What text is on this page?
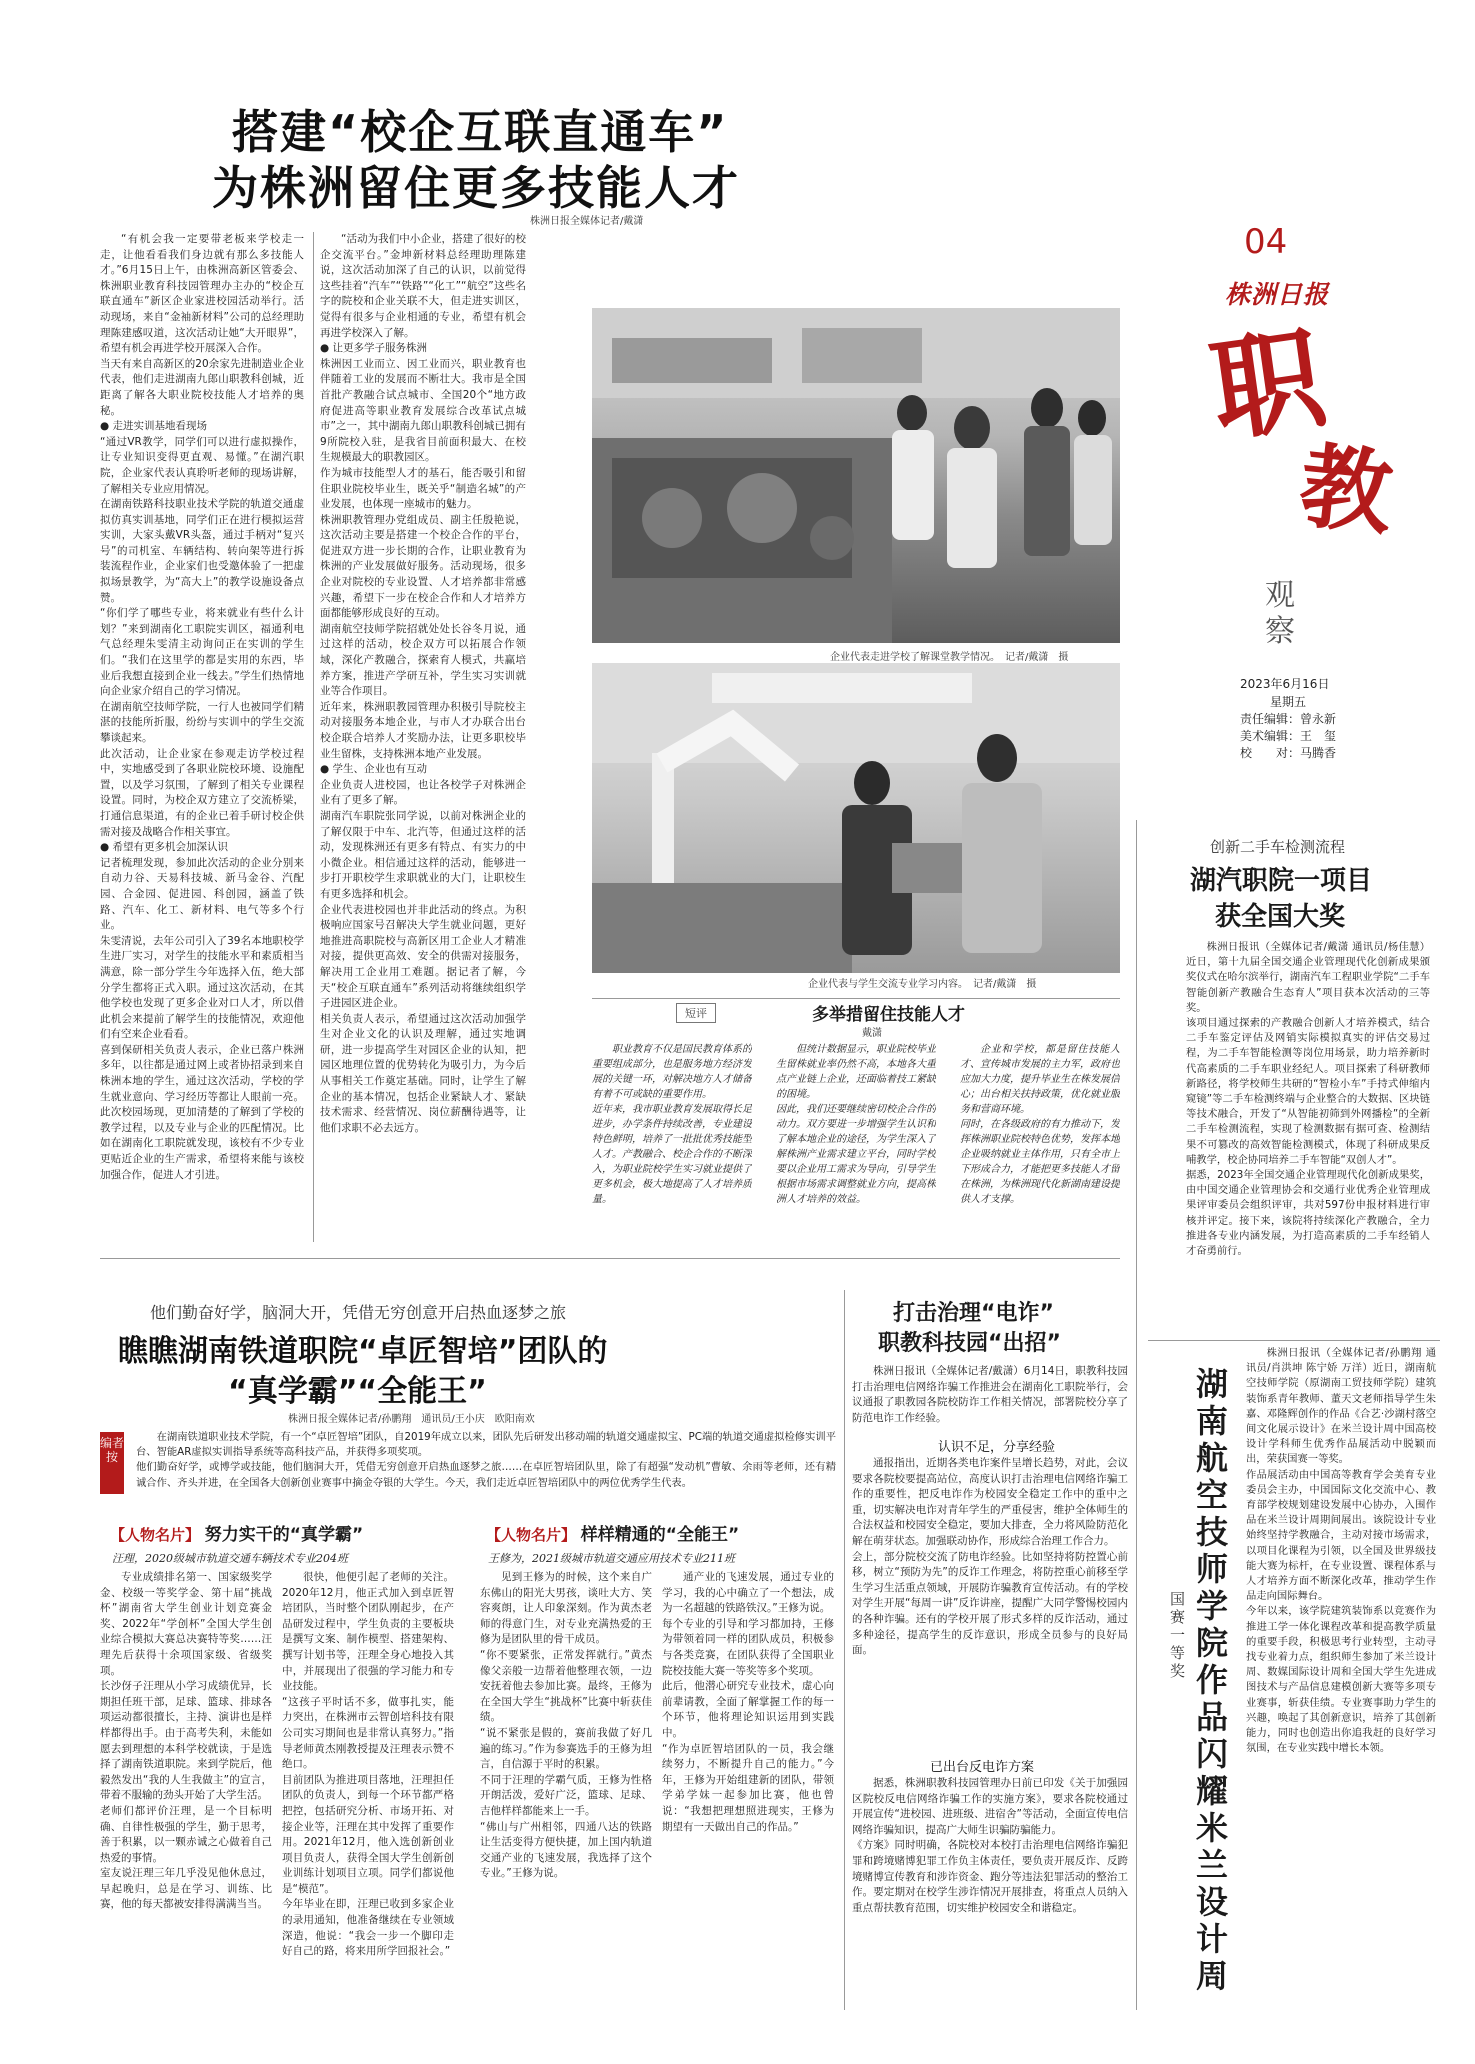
搭建“校企互联直通车”
为株洲留住更多技能人才
株洲日报全媒体记者/戴潇
04
株洲日报
职
教
观察
2023年6月16日
星期五
责任编辑：曾永新
美术编辑：王　玺
校　　对：马腾香
“有机会我一定要带老板来学校走一走，让他看看我们身边就有那么多技能人才。”6月15日上午，由株洲高新区管委会、株洲职业教育科技园管理办主办的“校企互联直通车”新区企业家进校园活动举行。活动现场，来自“金袖新材料”公司的总经理助理陈建感叹道，这次活动让她“大开眼界”，希望有机会再进学校开展深入合作。
当天有来自高新区的20余家先进制造业企业代表，他们走进湖南九郎山职教科创城，近距离了解各大职业院校技能人才培养的奥秘。
● 走进实训基地看现场
“通过VR教学，同学们可以进行虚拟操作，让专业知识变得更直观、易懂。”在湖汽职院，企业家代表认真聆听老师的现场讲解，了解相关专业应用情况。
在湖南铁路科技职业技术学院的轨道交通虚拟仿真实训基地，同学们正在进行模拟运营实训，大家头戴VR头盔，通过手柄对“复兴号”的司机室、车辆结构、转向架等进行拆装流程作业，企业家们也受邀体验了一把虚拟场景教学，为“高大上”的教学设施设备点赞。
“你们学了哪些专业，将来就业有些什么计划？”来到湖南化工职院实训区，福通利电气总经理朱雯清主动询问正在实训的学生们。“我们在这里学的都是实用的东西，毕业后我想直接到企业一线去。”学生们热情地向企业家介绍自己的学习情况。
在湖南航空技师学院，一行人也被同学们精湛的技能所折服，纷纷与实训中的学生交流攀谈起来。
此次活动，让企业家在参观走访学校过程中，实地感受到了各职业院校环境、设施配置，以及学习氛围，了解到了相关专业课程设置。同时，为校企双方建立了交流桥梁，打通信息渠道，有的企业已着手研讨校企供需对接及战略合作相关事宜。
● 希望有更多机会加深认识
记者梳理发现，参加此次活动的企业分别来自动力谷、天易科技城、新马金谷、汽配园、合金园、促进园、科创园，涵盖了铁路、汽车、化工、新材料、电气等多个行业。
朱雯清说，去年公司引入了39名本地职校学生进厂实习，对学生的技能水平和素质相当满意，除一部分学生今年选择入伍，绝大部分学生都将正式入职。通过这次活动，在其他学校也发现了更多企业对口人才，所以借此机会来提前了解学生的技能情况，欢迎他们有空来企业看看。
喜到保研相关负责人表示，企业已落户株洲多年，以往都是通过网上或者协招录到来自株洲本地的学生，通过这次活动，学校的学生就业意向、学习经历等都让人眼前一亮。此次校园场现，更加清楚的了解到了学校的教学过程，以及专业与企业的匹配情况。比如在湖南化工职院就发现，该校有不少专业更贴近企业的生产需求，希望将来能与该校加强合作，促进人才引进。
“活动为我们中小企业，搭建了很好的校企交流平台。”金坤新材料总经理助理陈建说，这次活动加深了自己的认识，以前觉得这些挂着“汽车”“铁路”“化工”“航空”这些名字的院校和企业关联不大，但走进实训区，觉得有很多与企业相通的专业，希望有机会再进学校深入了解。
● 让更多学子服务株洲
株洲因工业而立、因工业而兴，职业教育也伴随着工业的发展而不断壮大。我市是全国首批产教融合试点城市、全国20个“地方政府促进高等职业教育发展综合改革试点城市”之一，其中湖南九郎山职教科创城已拥有9所院校入驻，是我省目前面积最大、在校生规模最大的职教园区。
作为城市技能型人才的基石，能否吸引和留住职业院校毕业生，既关乎“制造名城”的产业发展，也体现一座城市的魅力。
株洲职教管理办党组成员、副主任殷艳说，这次活动主要是搭建一个校企合作的平台，促进双方进一步长期的合作，让职业教育为株洲的产业发展做好服务。活动现场，很多企业对院校的专业设置、人才培养都非常感兴趣，希望下一步在校企合作和人才培养方面都能够形成良好的互动。
湖南航空技师学院招就处处长谷冬月说，通过这样的活动，校企双方可以拓展合作领域，深化产教融合，探索育人模式，共赢培养方案，推进产学研互补，学生实习实训就业等合作项目。
近年来，株洲职教园管理办积极引导院校主动对接服务本地企业，与市人才办联合出台校企联合培养人才奖励办法，让更多职校毕业生留株，支持株洲本地产业发展。
● 学生、企业也有互动
企业负责人进校园，也让各校学子对株洲企业有了更多了解。
湖南汽车职院张同学说，以前对株洲企业的了解仅限于中车、北汽等，但通过这样的活动，发现株洲还有更多有特点、有实力的中小微企业。相信通过这样的活动，能够进一步打开职校学生求职就业的大门，让职校生有更多选择和机会。
企业代表进校园也并非此活动的终点。为积极响应国家号召解决大学生就业问题，更好地推进高职院校与高新区用工企业人才精准对接，提供更高效、安全的供需对接服务，解决用工企业用工难题。据记者了解，今天“校企互联直通车”系列活动将继续组织学子进园区进企业。
相关负责人表示，希望通过这次活动加强学生对企业文化的认识及理解，通过实地调研，进一步提高学生对园区企业的认知，把园区地理位置的优势转化为吸引力，为今后从事相关工作奠定基础。同时，让学生了解企业的基本情况，包括企业紧缺人才、紧缺技术需求、经营情况、岗位薪酬待遇等，让他们求职不必去远方。
企业代表走进学校了解课堂教学情况。　记者/戴潇　摄
企业代表与学生交流专业学习内容。　记者/戴潇　摄
短评	多举措留住技能人才
戴潇
职业教育不仅是国民教育体系的重要组成部分，也是服务地方经济发展的关键一环，对解决地方人才储备有着不可或缺的重要作用。
近年来，我市职业教育发展取得长足进步，办学条件持续改善，专业建设特色鲜明，培养了一批批优秀技能型人才。产教融合、校企合作的不断深入，为职业院校学生实习就业提供了更多机会，极大地提高了人才培养质量。
但统计数据显示，职业院校毕业生留株就业率仍然不高，本地各大重点产业链上企业，还面临着技工紧缺的困境。
因此，我们还要继续密切校企合作的动力。双方要进一步增强学生认识和了解本地企业的途径，为学生深入了解株洲产业需求建立平台，同时学校要以企业用工需求为导向，引导学生根据市场需求调整就业方向，提高株洲人才培养的效益。
企业和学校，都是留住技能人才、宣传城市发展的主力军，政府也应加大力度，提升毕业生在株发展信心；出台相关扶持政策，优化就业服务和营商环境。
同时，在各级政府的有力推动下，发挥株洲职业院校特色优势，发挥本地企业吸纳就业主体作用，只有全市上下形成合力，才能把更多技能人才留在株洲，为株洲现代化新湖南建设提供人才支撑。
创新二手车检测流程
湖汽职院一项目
获全国大奖
株洲日报讯（全媒体记者/戴潇 通讯员/杨佳慧）近日，第十九届全国交通企业管理现代化创新成果颁奖仪式在哈尔滨举行，湖南汽车工程职业学院“二手车智能创新产教融合生态育人”项目获本次活动的三等奖。
该项目通过探索的产教融合创新人才培养模式，结合二手车鉴定评估及网销实际模拟真实的评估交易过程，为二手车智能检测等岗位用场景，助力培养新时代高素质的二手车职业经纪人。项目探索了科研教师新路径，将学校师生共研的“智检小车”手持式伸缩内窥镜”等二手车检测终端与企业整合的大数据、区块链等技术融合，开发了“从智能初筛到外网播检”的全新二手车检测流程，实现了检测数据有据可查、检测结果不可篡改的高效智能检测模式，体现了科研成果反哺教学，校企协同培养二手车智能“双创人才”。
据悉，2023年全国交通企业管理现代化创新成果奖，由中国交通企业管理协会和交通行业优秀企业管理成果评审委员会组织评审，共对597份申报材料进行审核并评定。接下来，该院将持续深化产教融合，全力推进各专业内涵发展，为打造高素质的二手车经销人才奋勇前行。
湖南航空技师学院作品闪耀米兰设计周
国赛一等奖
株洲日报讯（全媒体记者/孙鹏翔 通讯员/肖洪坤 陈宁娇 万洋）近日，湖南航空技师学院（原湖南工贸技师学院）建筑装饰系青年教师、董天文老师指导学生朱嘉、邓隆辉创作的作品《合艺·沙湖村落空间文化展示设计》在米兰设计周中国高校设计学科师生优秀作品展活动中脱颖而出，荣获国赛一等奖。
作品展活动由中国高等教育学会美育专业委员会主办，中国国际文化交流中心、教育部学校规划建设发展中心协办，入围作品在米兰设计周期间展出。该院设计专业始终坚持学教融合，主动对接市场需求，以项目化课程为引领，以全国及世界级技能大赛为标杆，在专业设置、课程体系与人才培养方面不断深化改革，推动学生作品走向国际舞台。
今年以来，该学院建筑装饰系以竞赛作为推进工学一体化课程改革和提高教学质量的重要手段，积极思考行业转型，主动寻找专业着力点，组织师生参加了米兰设计周、数媒国际设计周和全国大学生先进成图技术与产品信息建模创新大赛等多项专业赛事，斩获佳绩。专业赛事助力学生的兴趣，唤起了其创新意识，培养了其创新能力，同时也创造出你追我赶的良好学习氛围，在专业实践中增长本领。
他们勤奋好学，脑洞大开，凭借无穷创意开启热血逐梦之旅
瞧瞧湖南铁道职院“卓匠智培”团队的
“真学霸”“全能王”
株洲日报全媒体记者/孙鹏翔　通讯员/王小庆　欧阳南欢
编者按
在湖南铁道职业技术学院，有一个“卓匠智培”团队，自2019年成立以来，团队先后研发出移动端的轨道交通虚拟宝、PC端的轨道交通虚拟检修实训平台、智能AR虚拟实训指导系统等高科技产品，并获得多项奖项。
他们勤奋好学，或博学或技能，他们脑洞大开，凭借无穷创意开启热血逐梦之旅……在卓匠智培团队里，除了有超强“发动机”曹敏、余雨等老师，还有精诚合作、齐头并进，在全国各大创新创业赛事中摘金夺银的大学生。今天，我们走近卓匠智培团队中的两位优秀学生代表。
【人物名片】 努力实干的“真学霸”
汪理，2020级城市轨道交通车辆技术专业204班
专业成绩排名第一、国家级奖学金、校级一等奖学金、第十届“挑战杯”湖南省大学生创业计划竞赛金奖、2022年“学创杯”全国大学生创业综合模拟大赛总决赛特等奖……汪理先后获得十余项国家级、省级奖项。
长沙伢子汪理从小学习成绩优异，长期担任班干部，足球、篮球、排球各项运动都很擅长，主持、演讲也是样样都得出手。由于高考失利，未能如愿去到理想的本科学校就读，于是选择了湖南铁道职院。来到学院后，他毅然发出“我的人生我做主”的宣言，带着不服输的劲头开始了大学生活。
老师们都评价汪理，是一个目标明确、自律性极强的学生，勤于思考，善于积累，以一颗赤诚之心做着自己热爱的事情。
室友说汪理三年几乎没见他休息过，早起晚归，总是在学习、训练、比赛，他的每天都被安排得满满当当。
很快，他便引起了老师的关注。2020年12月，他正式加入到卓匠智培团队，当时整个团队刚起步，在产品研发过程中，学生负责的主要板块是撰写文案、制作模型、搭建架构、撰写计划书等，汪理全身心地投入其中，并展现出了很强的学习能力和专业技能。
“这孩子平时话不多，做事扎实，能力突出，在株洲市云智创培科技有限公司实习期间也是非常认真努力。”指导老师黄杰刚教授提及汪理表示赞不绝口。
目前团队为推进项目落地，汪理担任团队的负责人，到每一个环节都严格把控，包括研究分析、市场开拓、对接企业等，汪理在其中发挥了重要作用。2021年12月，他入选创新创业项目负责人，获得全国大学生创新创业训练计划项目立项。同学们都说他是“模范”。
今年毕业在即，汪理已收到多家企业的录用通知，他准备继续在专业领域深造，他说：“我会一步一个脚印走好自己的路，将来用所学回报社会。”
【人物名片】 样样精通的“全能王”
王修为，2021级城市轨道交通应用技术专业211班
见到王修为的时候，这个来自广东佛山的阳光大男孩，谈吐大方、笑容爽朗，让人印象深刻。作为黄杰老师的得意门生，对专业充满热爱的王修为是团队里的骨干成员。
“你不要紧张，正常发挥就行。”黄杰像父亲般一边帮着他整理衣领，一边安抚着他去参加比赛。最终，王修为在全国大学生“挑战杯”比赛中斩获佳绩。
“说不紧张是假的，赛前我做了好几遍的练习。”作为参赛选手的王修为坦言，自信源于平时的积累。
不同于汪理的学霸气质，王修为性格开朗活泼，爱好广泛，篮球、足球、吉他样样都能来上一手。
“佛山与广州相邻，四通八达的铁路让生活变得方便快捷，加上国内轨道交通产业的飞速发展，我选择了这个专业。”王修为说。
通产业的飞速发展，通过专业的学习，我的心中确立了一个想法，成为一名超越的铁路铁汉。”王修为说。
每个专业的引导和学习都加持，王修为带领着同一样的团队成员，积极参与各类竞赛，在团队获得了全国职业院校技能大赛一等奖等多个奖项。
此后，他潜心研究专业技术，虚心向前辈请教，全面了解掌握工作的每一个环节，他将理论知识运用到实践中。
“作为卓匠智培团队的一员，我会继续努力，不断提升自己的能力。”今年，王修为开始组建新的团队，带领学弟学妹一起参加比赛，他也曾说：“我想把理想照进现实，王修为期望有一天做出自己的作品。”
打击治理“电诈”
职教科技园“出招”
株洲日报讯（全媒体记者/戴潇）6月14日，职教科技园打击治理电信网络诈骗工作推进会在湖南化工职院举行，会议通报了职教园各院校防诈工作相关情况，部署院校分享了防范电诈工作经验。
认识不足，分享经验
通报指出，近期各类电诈案件呈增长趋势，对此，会议要求各院校要提高站位，高度认识打击治理电信网络诈骗工作的重要性，把反电诈作为校园安全稳定工作中的重中之重，切实解决电诈对青年学生的严重侵害，维护全体师生的合法权益和校园安全稳定，要加大排查，全力将风险防范化解在萌芽状态。加强联动协作，形成综合治理工作合力。
会上，部分院校交流了防电诈经验。比如坚持将防控置心前移，树立“预防为先”的反诈工作理念，将防控重心前移至学生学习生活重点领域，开展防诈骗教育宣传活动。有的学校对学生开展“每周一讲”反诈讲座，提醒广大同学警惕校园内的各种诈骗。还有的学校开展了形式多样的反诈活动，通过多种途径，提高学生的反诈意识，形成全员参与的良好局面。
已出台反电诈方案
据悉，株洲职教科技园管理办日前已印发《关于加强园区院校反电信网络诈骗工作的实施方案》，要求各院校通过开展宣传“进校园、进班级、进宿舍”等活动，全面宣传电信网络诈骗知识，提高广大师生识骗防骗能力。
《方案》同时明确，各院校对本校打击治理电信网络诈骗犯罪和跨境赌博犯罪工作负主体责任，要负责开展反诈、反跨境赌博宣传教育和涉诈资金、跑分等违法犯罪活动的整治工作。要定期对在校学生涉诈情况开展排查，将重点人员纳入重点帮扶教育范围，切实维护校园安全和谐稳定。
